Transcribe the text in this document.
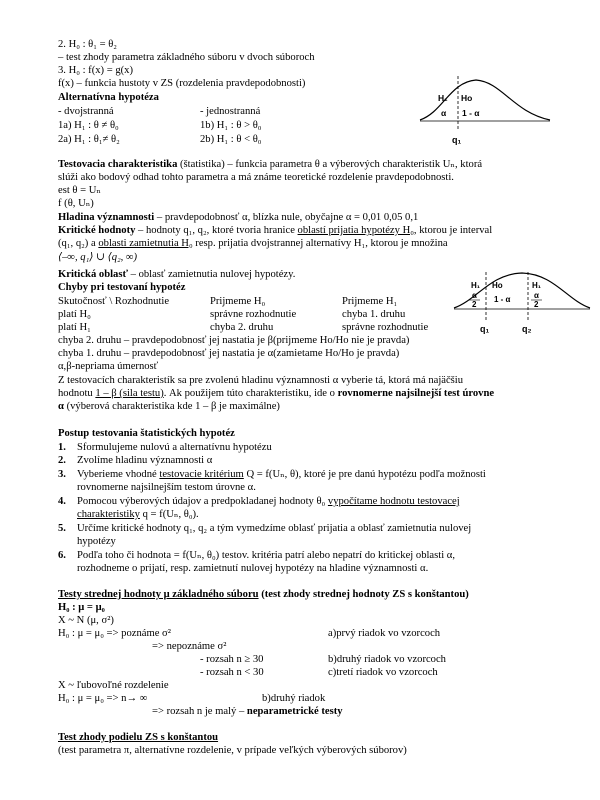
2. H₀ : θ₁ = θ₂
– test zhody parametra základného súboru v dvoch súboroch
3. H₀ : f(x) = g(x)
f(x) – funkcia hustoty v ZS (rozdelenia pravdepodobnosti)
Alternatívna hypotéza
- dvojstranná	- jednostranná
1a) H₁ : θ ≠ θ₀	1b) H₁ : θ > θ₀
2a) H₁ : θ₁≠ θ₂	2b) H₁ : θ < θ₀
H₁ Ho
α 1 - α
q₁
Testovacia charakteristika (štatistika) – funkcia parametra θ a výberových charakteristik Uₙ, ktorá
slúži ako bodový odhad tohto parametra a má známe teoretické rozdelenie pravdepodobnosti.
est θ = Uₙ
f (θ, Uₙ)
Hladina významnosti – pravdepodobnosť α, blízka nule, obyčajne α = 0,01 0,05 0,1
Kritické hodnoty – hodnoty q₁, q₂, ktoré tvoria hranice oblastí prijatia hypotézy H₀, ktorou je interval
(q₁, q₂) a oblasti zamietnutia H₀ resp. prijatia dvojstrannej alternatívy H₁, ktorou je množina
⟨–∞, q₁⟩ ∪ ⟨q₂, ∞)
Kritická oblasť – oblasť zamietnutia nulovej hypotézy.
H₁ Ho	H₁
α
2
1 - α	α
2
q₁	q₂
Chyby pri testovaní hypotéz
Skutočnosť \ Rozhodnutie	Prijmeme H₀	Prijmeme H₁
platí H₀	správne rozhodnutie	chyba 1. druhu
platí H₁	chyba 2. druhu	správne rozhodnutie
chyba 2. druhu – pravdepodobnosť jej nastatia je β(prijmeme Ho/Ho nie je pravda)
chyba 1. druhu – pravdepodobnosť jej nastatia je α(zamietame Ho/Ho je pravda)
α,β-nepriama úmernosť
Z testovacích charakteristík sa pre zvolenú hladinu významnosti α vyberie tá, ktorá má najäčšiu
hodnotu 1 – β (sila testu). Ak použijem túto charakteristiku, ide o rovnomerne najsilnejší test úrovne
α (výberová charakteristika kde 1 – β je maximálne)
Postup testovania štatistických hypotéz
1. Sformulujeme nulovú a alternatívnu hypotézu
2. Zvolíme hladinu významnosti α
3. Vyberieme vhodné testovacie kritérium Q = f(Uₙ, θ), ktoré je pre danú hypotézu podľa možnosti
rovnomerne najsilnejším testom úrovne α.
4. Pomocou výberových údajov a predpokladanej hodnoty θ₀ vypočítame hodnotu testovacej
charakteristiky q = f(Uₙ, θ₀).
5. Určíme kritické hodnoty q₁, q₂ a tým vymedzíme oblasť prijatia a oblasť zamietnutia nulovej
hypotézy
6. Podľa toho či hodnota = f(Uₙ, θ₀) testov. kritéria patrí alebo nepatrí do kritickej oblasti α,
rozhodneme o prijatí, resp. zamietnutí nulovej hypotézy na hladine významnosti α.
Testy strednej hodnoty μ základného súboru (test zhody strednej hodnoty ZS s konštantou)
H₀ : μ = μ₀
X ~ N (μ, σ²)
H₀ : μ = μ₀ => poznáme σ²	a)prvý riadok vo vzorcoch
=> nepoznáme σ²
- rozsah n ≥ 30	b)druhý riadok vo vzorcoch
- rozsah n < 30	c)tretí riadok vo vzorcoch
X ~ ľubovoľné rozdelenie
H₀ : μ = μ₀ => n→ ∞	b)druhý riadok
=> rozsah n je malý – neparametrické testy
Test zhody podielu ZS s konštantou
(test parametra π, alternatívne rozdelenie, v prípade veľkých výberových súborov)
